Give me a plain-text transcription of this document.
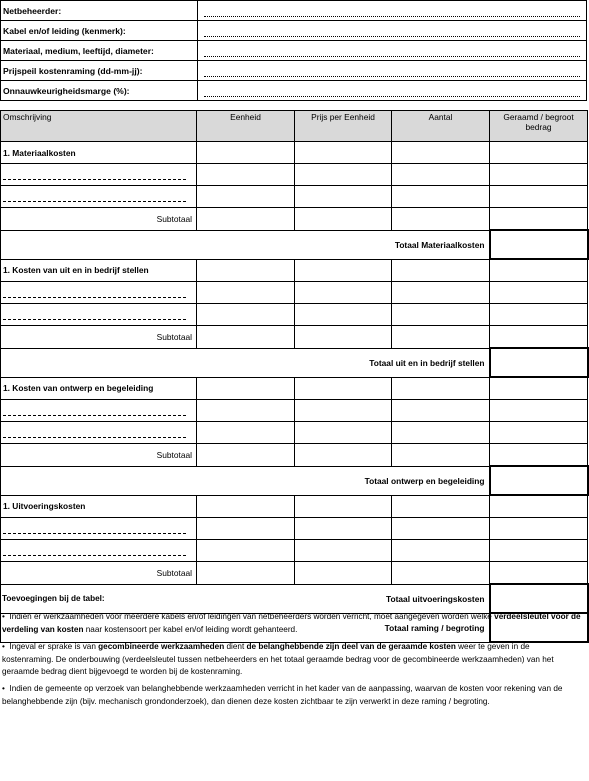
Netbeheerder:	

Kabel en/of leiding (kenmerk):	

Materiaal, medium, leeftijd, diameter:	

Prijspeil kostenraming (dd-mm-jj):	

Onnauwkeurigheidsmarge (%):	
Omschrijving	Eenheid	Prijs per Eenheid	Aantal	Geraamd / begroot bedrag
1. Materiaalkosten				

Subtotaal				
Totaal Materiaalkosten				
1. Kosten van uit en in bedrijf stellen				

Subtotaal				
Totaal uit en in bedrijf stellen				
1. Kosten van ontwerp en begeleiding				

Subtotaal				
Totaal ontwerp en begeleiding				
1. Uitvoeringskosten				

Subtotaal				
Totaal uitvoeringskosten				
Totaal raming / begroting				
Toevoegingen bij de tabel:

•  Indien er werkzaamheden voor meerdere kabels en/of leidingen van netbeheerders worden verricht, moet aangegeven worden welke verdeelsleutel voor de verdeling van kosten naar kostensoort per kabel en/of leiding wordt gehanteerd.

•  Ingeval er sprake is van gecombineerde werkzaamheden dient de belanghebbende zijn deel van de geraamde kosten weer te geven in de kostenraming. De onderbouwing (verdeelsleutel tussen netbeheerders en het totaal geraamde bedrag voor de gecombineerde werkzaamheden) van het geraamde bedrag dient bijgevoegd te worden bij de kostenraming.

•  Indien de gemeente op verzoek van belanghebbende werkzaamheden verricht in het kader van de aanpassing, waarvan de kosten voor rekening van de belanghebbende zijn (bijv. mechanisch grondonderzoek), dan dienen deze kosten zichtbaar te zijn verwerkt in deze raming / begroting.
